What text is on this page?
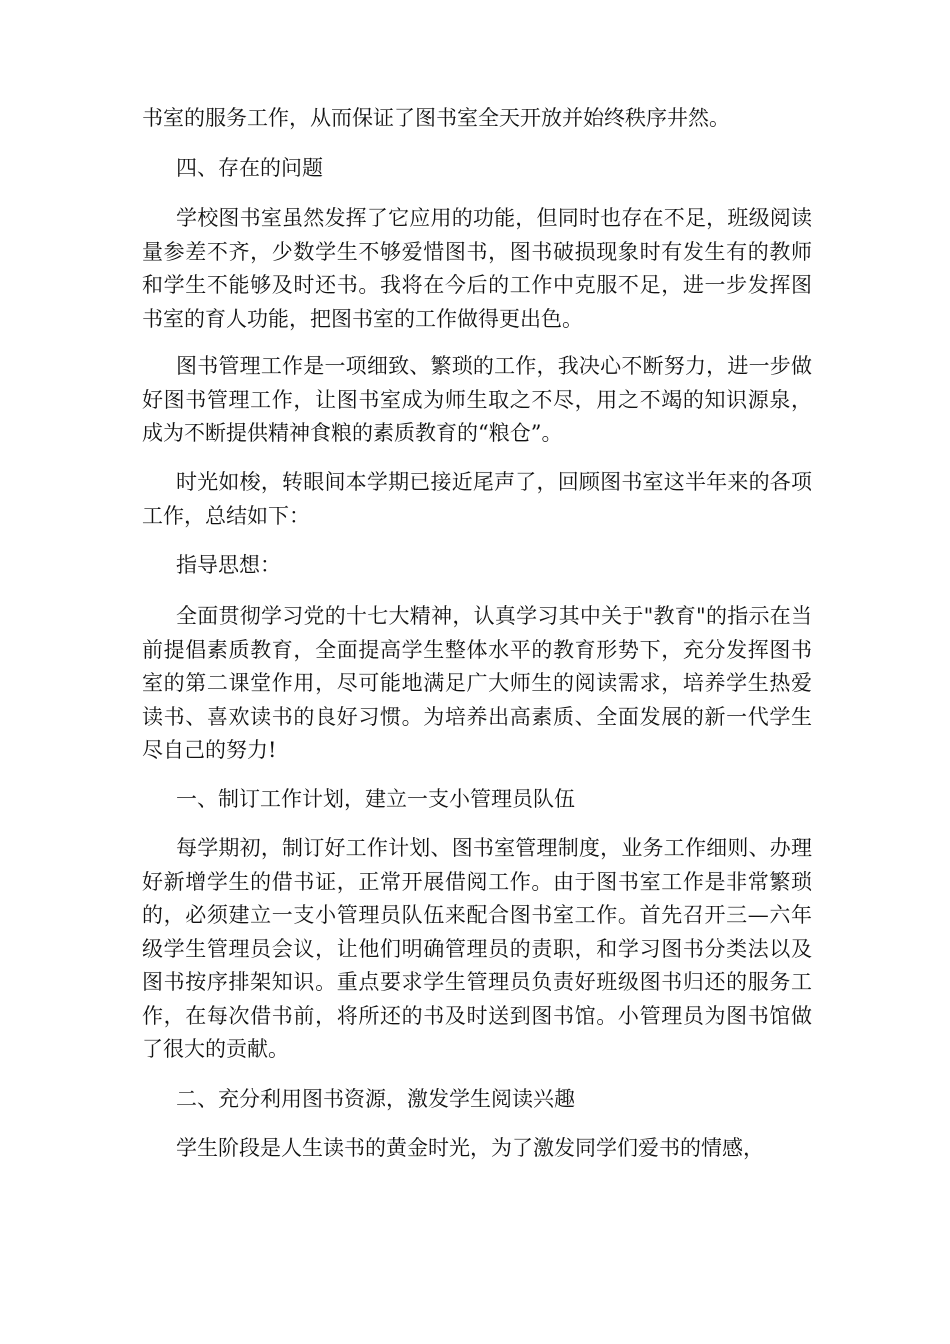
书室的服务工作，从而保证了图书室全天开放并始终秩序井然。

四、存在的问题

学校图书室虽然发挥了它应用的功能，但同时也存在不足，班级阅读量参差不齐，少数学生不够爱惜图书，图书破损现象时有发生有的教师和学生不能够及时还书。我将在今后的工作中克服不足，进一步发挥图书室的育人功能，把图书室的工作做得更出色。

图书管理工作是一项细致、繁琐的工作，我决心不断努力，进一步做好图书管理工作，让图书室成为师生取之不尽，用之不竭的知识源泉，成为不断提供精神食粮的素质教育的“粮仓”。

时光如梭，转眼间本学期已接近尾声了，回顾图书室这半年来的各项工作，总结如下：

指导思想：

全面贯彻学习党的十七大精神，认真学习其中关于"教育"的指示在当前提倡素质教育，全面提高学生整体水平的教育形势下，充分发挥图书室的第二课堂作用，尽可能地满足广大师生的阅读需求，培养学生热爱读书、喜欢读书的良好习惯。为培养出高素质、全面发展的新一代学生尽自己的努力!

一、制订工作计划，建立一支小管理员队伍

每学期初，制订好工作计划、图书室管理制度，业务工作细则、办理好新增学生的借书证，正常开展借阅工作。由于图书室工作是非常繁琐的，必须建立一支小管理员队伍来配合图书室工作。首先召开三—六年级学生管理员会议，让他们明确管理员的责职，和学习图书分类法以及图书按序排架知识。重点要求学生管理员负责好班级图书归还的服务工作，在每次借书前，将所还的书及时送到图书馆。小管理员为图书馆做了很大的贡献。

二、充分利用图书资源，激发学生阅读兴趣

学生阶段是人生读书的黄金时光，为了激发同学们爱书的情感，
